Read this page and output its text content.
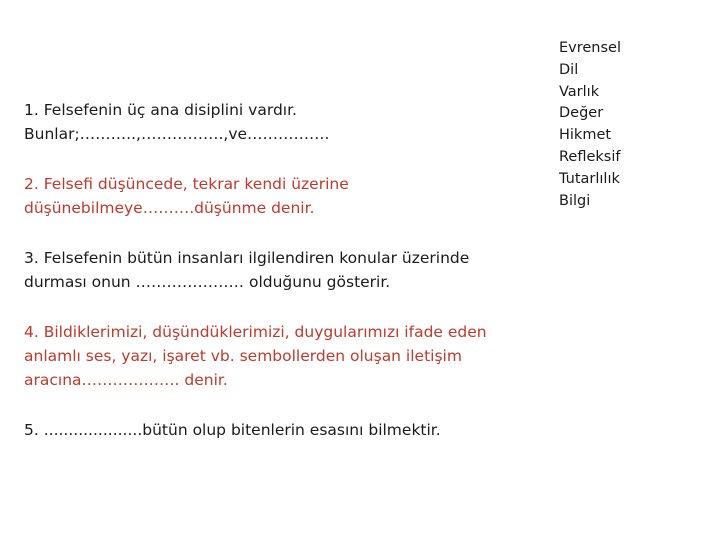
1. Felsefenin üç ana disiplini vardır.
Bunlar;………..,…………….,ve…………….
2. Felsefi düşüncede, tekrar kendi üzerine
düşünebilmeye……….düşünme denir.
3. Felsefenin bütün insanları ilgilendiren konular üzerinde
durması onun ………………… olduğunu gösterir.
4. Bildiklerimizi, düşündüklerimizi, duygularımızı ifade eden
anlamlı ses, yazı, işaret vb. sembollerden oluşan iletişim
aracına………………. denir.
5. ....................bütün olup bitenlerin esasını bilmektir.
Evrensel
Dil
Varlık
Değer
Hikmet
Refleksif
Tutarlılık
Bilgi
